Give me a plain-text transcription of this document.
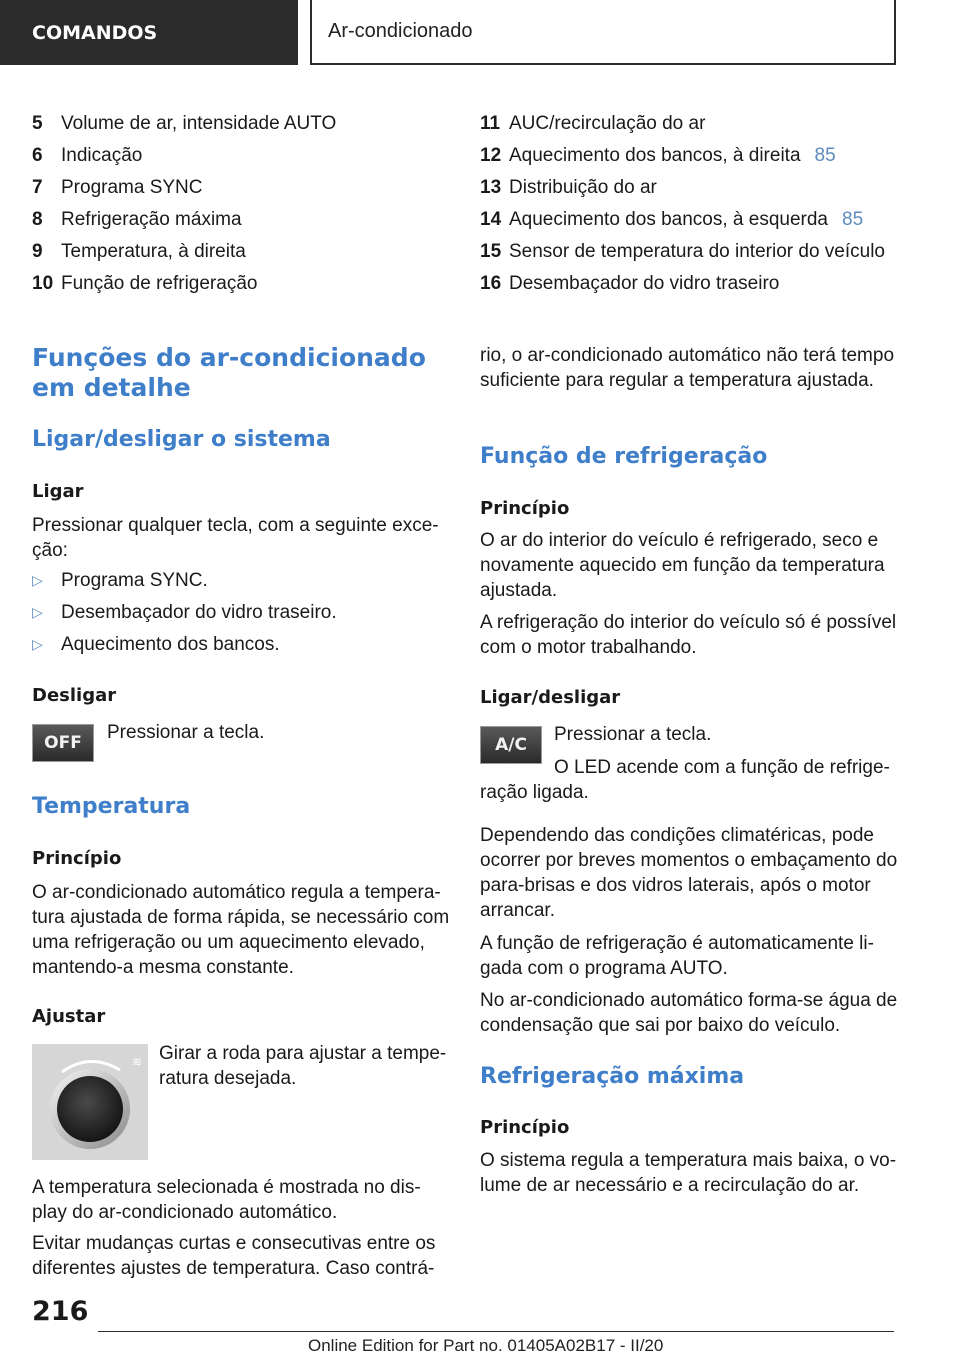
COMANDOS	Ar-condicionado
5 Volume de ar, intensidade AUTO
6 Indicação
7 Programa SYNC
8 Refrigeração máxima
9 Temperatura, à direita
10 Função de refrigeração
11 AUC/recirculação do ar
12 Aquecimento dos bancos, à direita 85
13 Distribuição do ar
14 Aquecimento dos bancos, à esquerda 85
15 Sensor de temperatura do interior do veículo
16 Desembaçador do vidro traseiro
Funções do ar-condicionado em detalhe
Ligar/desligar o sistema
Ligar

Pressionar qualquer tecla, com a seguinte exce-ção:

▷ Programa SYNC.
▷ Desembaçador do vidro traseiro.
▷ Aquecimento dos bancos.
Desligar
OFF Pressionar a tecla.

Temperatura
Princípio

O ar-condicionado automático regula a tempera-tura ajustada de forma rápida, se necessário com uma refrigeração ou um aquecimento elevado, mantendo-a mesma constante.

Ajustar
≋ Girar a roda para ajustar a tempe-ratura desejada.

A temperatura selecionada é mostrada no dis-play do ar-condicionado automático.

Evitar mudanças curtas e consecutivas entre os diferentes ajustes de temperatura. Caso contrá-

rio, o ar-condicionado automático não terá tempo suficiente para regular a temperatura ajustada.

Função de refrigeração
Princípio

O ar do interior do veículo é refrigerado, seco e novamente aquecido em função da temperatura ajustada.

A refrigeração do interior do veículo só é possível com o motor trabalhando.

Ligar/desligar
A/C Pressionar a tecla.

O LED acende com a função de refrige-ração ligada.

Dependendo das condições climatéricas, pode ocorrer por breves momentos o embaçamento do para-brisas e dos vidros laterais, após o motor arrancar.

A função de refrigeração é automaticamente li-gada com o programa AUTO.

No ar-condicionado automático forma-se água de condensação que sai por baixo do veículo.

Refrigeração máxima
Princípio

O sistema regula a temperatura mais baixa, o vo-lume de ar necessário e a recirculação do ar.

216
Online Edition for Part no. 01405A02B17 - II/20
